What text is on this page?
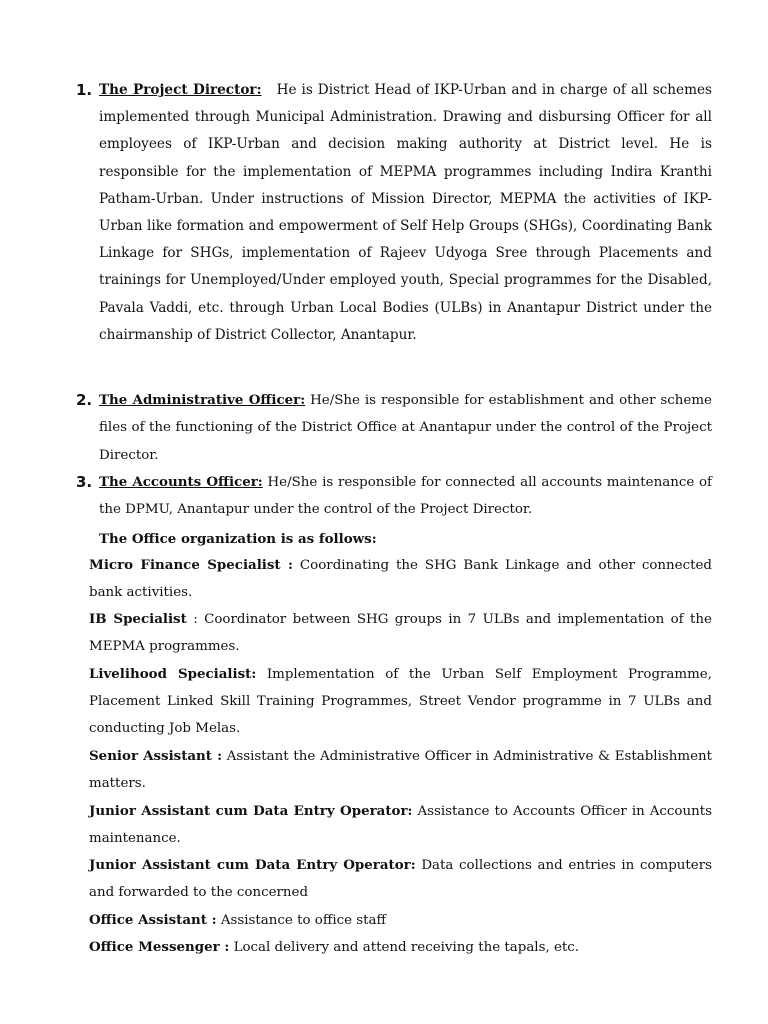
1. The Project Director: He is District Head of IKP-Urban and in charge of all schemes implemented through Municipal Administration. Drawing and disbursing Officer for all employees of IKP-Urban and decision making authority at District level. He is responsible for the implementation of MEPMA programmes including Indira Kranthi Patham-Urban. Under instructions of Mission Director, MEPMA the activities of IKP-Urban like formation and empowerment of Self Help Groups (SHGs), Coordinating Bank Linkage for SHGs, implementation of Rajeev Udyoga Sree through Placements and trainings for Unemployed/Under employed youth, Special programmes for the Disabled, Pavala Vaddi, etc. through Urban Local Bodies (ULBs) in Anantapur District under the chairmanship of District Collector, Anantapur.
2. The Administrative Officer: He/She is responsible for establishment and other scheme files of the functioning of the District Office at Anantapur under the control of the Project Director.
3. The Accounts Officer: He/She is responsible for connected all accounts maintenance of the DPMU, Anantapur under the control of the Project Director.
The Office organization is as follows:
Micro Finance Specialist : Coordinating the SHG Bank Linkage and other connected bank activities.
IB Specialist : Coordinator between SHG groups in 7 ULBs and implementation of the MEPMA programmes.
Livelihood Specialist: Implementation of the Urban Self Employment Programme, Placement Linked Skill Training Programmes, Street Vendor programme in 7 ULBs and conducting Job Melas.
Senior Assistant : Assistant the Administrative Officer in Administrative & Establishment matters.
Junior Assistant cum Data Entry Operator: Assistance to Accounts Officer in Accounts maintenance.
Junior Assistant cum Data Entry Operator: Data collections and entries in computers and forwarded to the concerned
Office Assistant : Assistance to office staff
Office Messenger : Local delivery and attend receiving the tapals, etc.
